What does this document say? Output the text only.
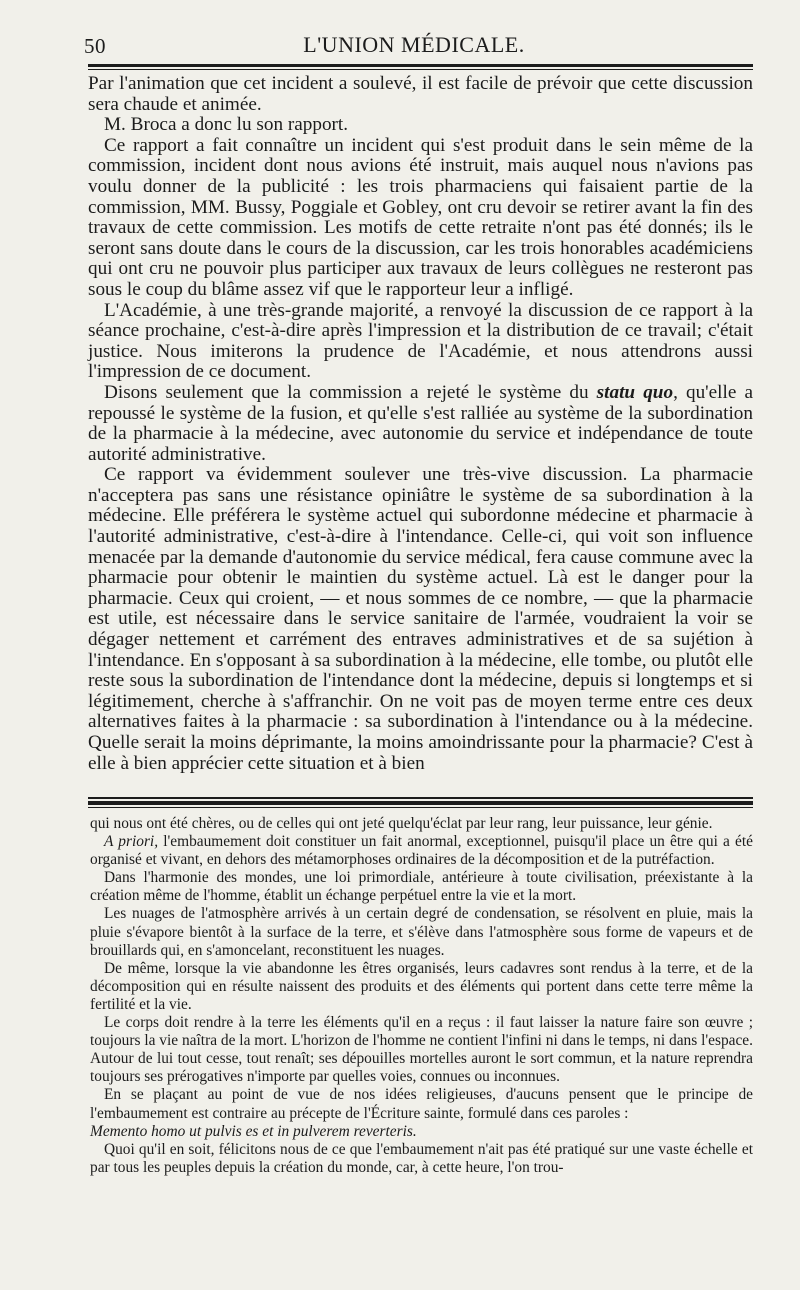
50	L'UNION MÉDICALE.

Par l'animation que cet incident a soulevé, il est facile de prévoir que cette discussion sera chaude et animée.

M. Broca a donc lu son rapport.

Ce rapport a fait connaître un incident qui s'est produit dans le sein même de la commission, incident dont nous avions été instruit, mais auquel nous n'avions pas voulu donner de la publicité : les trois pharmaciens qui faisaient partie de la commission, MM. Bussy, Poggiale et Gobley, ont cru devoir se retirer avant la fin des travaux de cette commission. Les motifs de cette retraite n'ont pas été donnés; ils le seront sans doute dans le cours de la discussion, car les trois honorables académiciens qui ont cru ne pouvoir plus participer aux travaux de leurs collègues ne resteront pas sous le coup du blâme assez vif que le rapporteur leur a infligé.

L'Académie, à une très-grande majorité, a renvoyé la discussion de ce rapport à la séance prochaine, c'est-à-dire après l'impression et la distribution de ce travail; c'était justice. Nous imiterons la prudence de l'Académie, et nous attendrons aussi l'impression de ce document.

Disons seulement que la commission a rejeté le système du statu quo, qu'elle a repoussé le système de la fusion, et qu'elle s'est ralliée au système de la subordination de la pharmacie à la médecine, avec autonomie du service et indépendance de toute autorité administrative.

Ce rapport va évidemment soulever une très-vive discussion. La pharmacie n'acceptera pas sans une résistance opiniâtre le système de sa subordination à la médecine. Elle préférera le système actuel qui subordonne médecine et pharmacie à l'autorité administrative, c'est-à-dire à l'intendance. Celle-ci, qui voit son influence menacée par la demande d'autonomie du service médical, fera cause commune avec la pharmacie pour obtenir le maintien du système actuel. Là est le danger pour la pharmacie. Ceux qui croient, — et nous sommes de ce nombre, — que la pharmacie est utile, est nécessaire dans le service sanitaire de l'armée, voudraient la voir se dégager nettement et carrément des entraves administratives et de sa sujétion à l'intendance. En s'opposant à sa subordination à la médecine, elle tombe, ou plutôt elle reste sous la subordination de l'intendance dont la médecine, depuis si longtemps et si légitimement, cherche à s'affranchir. On ne voit pas de moyen terme entre ces deux alternatives faites à la pharmacie : sa subordination à l'intendance ou à la médecine. Quelle serait la moins déprimante, la moins amoindrissante pour la pharmacie? C'est à elle à bien apprécier cette situation et à bien

qui nous ont été chères, ou de celles qui ont jeté quelqu'éclat par leur rang, leur puissance, leur génie.

A priori, l'embaumement doit constituer un fait anormal, exceptionnel, puisqu'il place un être qui a été organisé et vivant, en dehors des métamorphoses ordinaires de la décomposition et de la putréfaction.

Dans l'harmonie des mondes, une loi primordiale, antérieure à toute civilisation, préexistante à la création même de l'homme, établit un échange perpétuel entre la vie et la mort.

Les nuages de l'atmosphère arrivés à un certain degré de condensation, se résolvent en pluie, mais la pluie s'évapore bientôt à la surface de la terre, et s'élève dans l'atmosphère sous forme de vapeurs et de brouillards qui, en s'amoncelant, reconstituent les nuages.

De même, lorsque la vie abandonne les êtres organisés, leurs cadavres sont rendus à la terre, et de la décomposition qui en résulte naissent des produits et des éléments qui portent dans cette terre même la fertilité et la vie.

Le corps doit rendre à la terre les éléments qu'il en a reçus : il faut laisser la nature faire son œuvre ; toujours la vie naîtra de la mort. L'horizon de l'homme ne contient l'infini ni dans le temps, ni dans l'espace. Autour de lui tout cesse, tout renaît; ses dépouilles mortelles auront le sort commun, et la nature reprendra toujours ses prérogatives n'importe par quelles voies, connues ou inconnues.

En se plaçant au point de vue de nos idées religieuses, d'aucuns pensent que le principe de l'embaumement est contraire au précepte de l'Écriture sainte, formulé dans ces paroles :
Memento homo ut pulvis es et in pulverem reverteris.

Quoi qu'il en soit, félicitons nous de ce que l'embaumement n'ait pas été pratiqué sur une vaste échelle et par tous les peuples depuis la création du monde, car, à cette heure, l'on trou-
